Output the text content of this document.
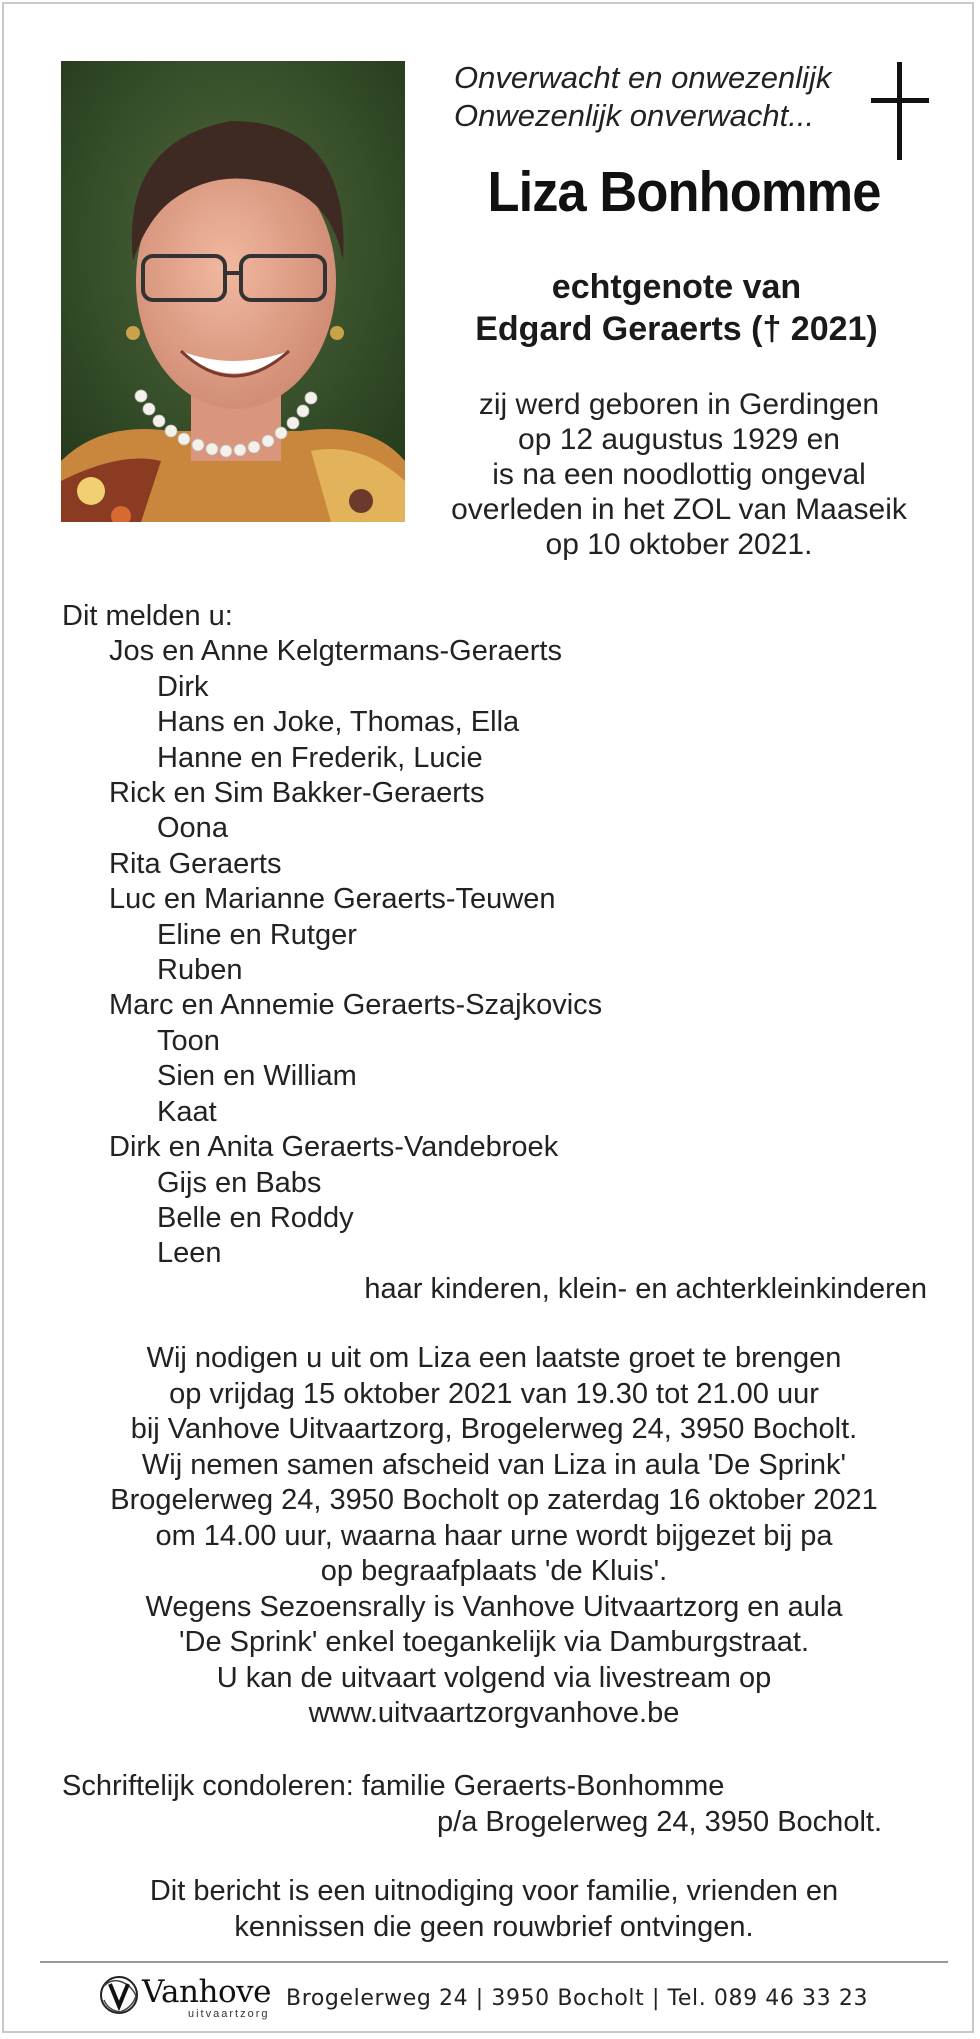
Onverwacht en onwezenlijk
Onwezenlijk onverwacht...
Liza Bonhomme
echtgenote van
Edgard Geraerts († 2021)
zij werd geboren in Gerdingen
op 12 augustus 1929 en
is na een noodlottig ongeval
overleden in het ZOL van Maaseik
op 10 oktober 2021.
Dit melden u:
Jos en Anne Kelgtermans-Geraerts
Dirk
Hans en Joke, Thomas, Ella
Hanne en Frederik, Lucie
Rick en Sim Bakker-Geraerts
Oona
Rita Geraerts
Luc en Marianne Geraerts-Teuwen
Eline en Rutger
Ruben
Marc en Annemie Geraerts-Szajkovics
Toon
Sien en William
Kaat
Dirk en Anita Geraerts-Vandebroek
Gijs en Babs
Belle en Roddy
Leen
haar kinderen, klein- en achterkleinkinderen
Wij nodigen u uit om Liza een laatste groet te brengen
op vrijdag 15 oktober 2021 van 19.30 tot 21.00 uur
bij Vanhove Uitvaartzorg, Brogelerweg 24, 3950 Bocholt.
Wij nemen samen afscheid van Liza in aula 'De Sprink'
Brogelerweg 24, 3950 Bocholt op zaterdag 16 oktober 2021
om 14.00 uur, waarna haar urne wordt bijgezet bij pa
op begraafplaats 'de Kluis'.
Wegens Sezoensrally is Vanhove Uitvaartzorg en aula
'De Sprink' enkel toegankelijk via Damburgstraat.
U kan de uitvaart volgend via livestream op
www.uitvaartzorgvanhove.be
Schriftelijk condoleren: familie Geraerts-Bonhomme
p/a Brogelerweg 24, 3950 Bocholt.
Dit bericht is een uitnodiging voor familie, vrienden en
kennissen die geen rouwbrief ontvingen.
Vanhove
uitvaartzorg
Brogelerweg 24 | 3950 Bocholt | Tel. 089 46 33 23
